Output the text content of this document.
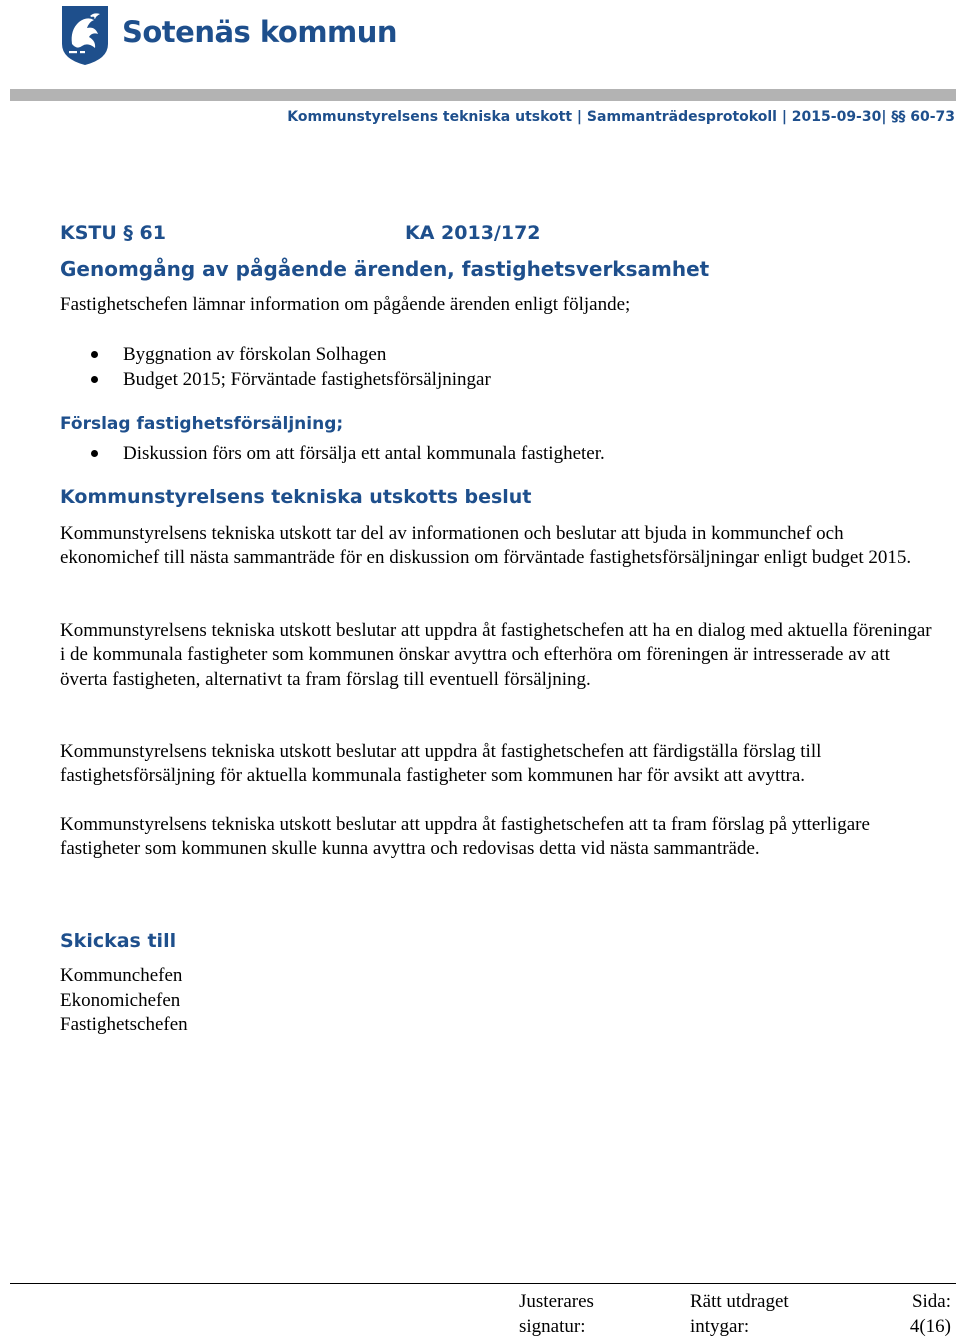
Sotenäs kommun
Kommunstyrelsens tekniska utskott | Sammanträdesprotokoll | 2015-09-30| §§ 60-73
KSTU § 61	KA 2013/172
Genomgång av pågående ärenden, fastighetsverksamhet
Fastighetschefen lämnar information om pågående ärenden enligt följande;
Byggnation av förskolan Solhagen
Budget 2015; Förväntade fastighetsförsäljningar
Förslag fastighetsförsäljning;
Diskussion förs om att försälja ett antal kommunala fastigheter.
Kommunstyrelsens tekniska utskotts beslut
Kommunstyrelsens tekniska utskott tar del av informationen och beslutar att bjuda in kommunchef och ekonomichef till nästa sammanträde för en diskussion om förväntade fastighetsförsäljningar enligt budget 2015.
Kommunstyrelsens tekniska utskott beslutar att uppdra åt fastighetschefen att ha en dialog med aktuella föreningar i de kommunala fastigheter som kommunen önskar avyttra och efterhöra om föreningen är intresserade av att överta fastigheten, alternativt ta fram förslag till eventuell försäljning.
Kommunstyrelsens tekniska utskott beslutar att uppdra åt fastighetschefen att färdigställa förslag till fastighetsförsäljning för aktuella kommunala fastigheter som kommunen har för avsikt att avyttra.
Kommunstyrelsens tekniska utskott beslutar att uppdra åt fastighetschefen att ta fram förslag på ytterligare fastigheter som kommunen skulle kunna avyttra och redovisas detta vid nästa sammanträde.
Skickas till
Kommunchefen
Ekonomichefen
Fastighetschefen
Justerares
signatur:
Rätt utdraget
intygar:
Sida:
4(16)
